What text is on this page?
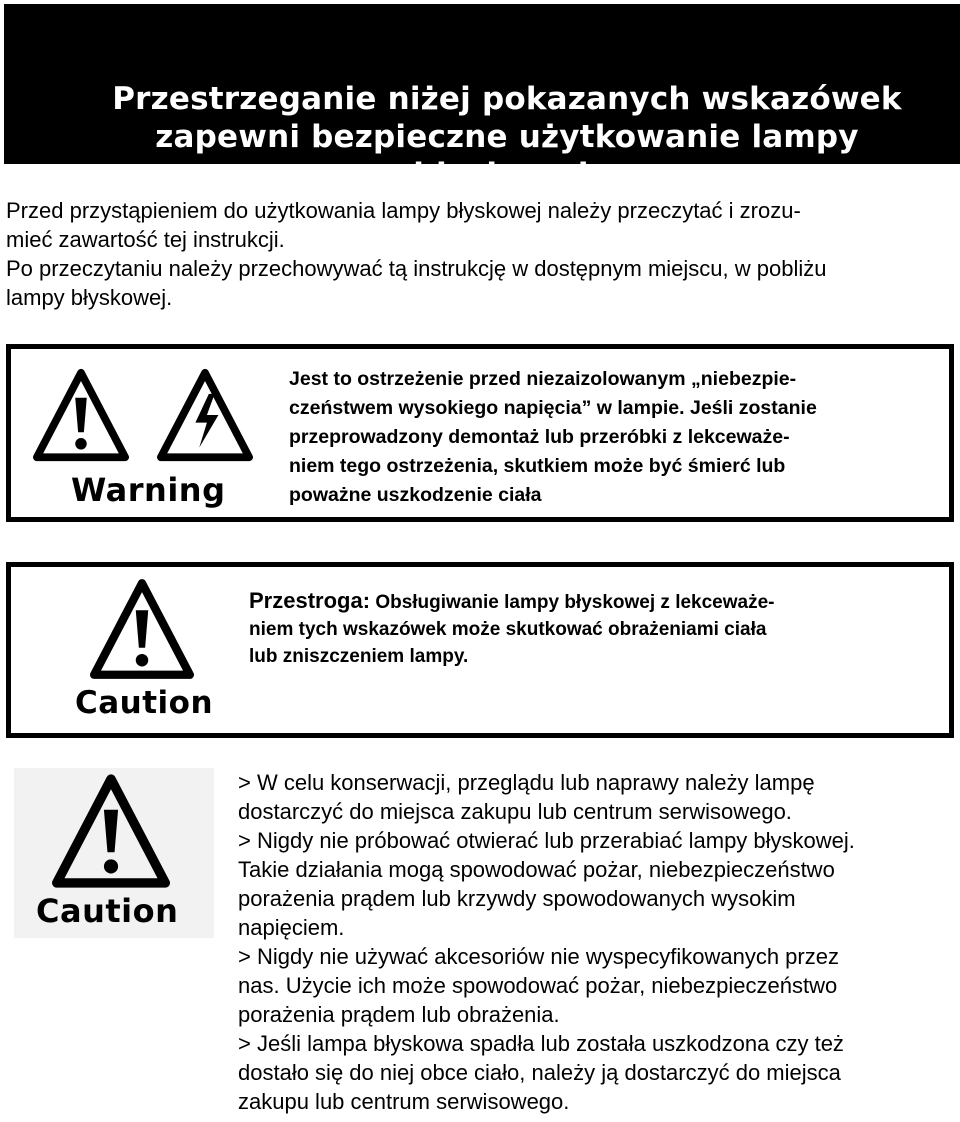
Przestrzeganie niżej pokazanych wskazówek
zapewni bezpieczne użytkowanie lampy błyskowej.

Przed przystąpieniem do użytkowania lampy błyskowej należy przeczytać i zrozu-

mieć zawartość tej instrukcji.

Po przeczytaniu należy przechowywać tą instrukcję w dostępnym miejscu, w pobliżu

lampy błyskowej.

Warning

Jest to ostrzeżenie przed niezaizolowanym „niebezpie-

czeństwem wysokiego napięcia” w lampie. Jeśli zostanie

przeprowadzony demontaż lub przeróbki z lekceważe-

niem tego ostrzeżenia, skutkiem może być śmierć lub

poważne uszkodzenie ciała

Caution
Przestroga: Obsługiwanie lampy błyskowej z lekceważe-
niem tych wskazówek może skutkować obrażeniami ciała
lub zniszczeniem lampy.
Caution

> W celu konserwacji, przeglądu lub naprawy należy lampę

dostarczyć do miejsca zakupu lub centrum serwisowego.

> Nigdy nie próbować otwierać lub przerabiać lampy błyskowej.

Takie działania mogą spowodować pożar, niebezpieczeństwo

porażenia prądem lub krzywdy spowodowanych wysokim

napięciem.

> Nigdy nie używać akcesoriów nie wyspecyfikowanych przez

nas. Użycie ich może spowodować pożar, niebezpieczeństwo

porażenia prądem lub obrażenia.

> Jeśli lampa błyskowa spadła lub została uszkodzona czy też

dostało się do niej obce ciało, należy ją dostarczyć do miejsca

zakupu lub centrum serwisowego.
